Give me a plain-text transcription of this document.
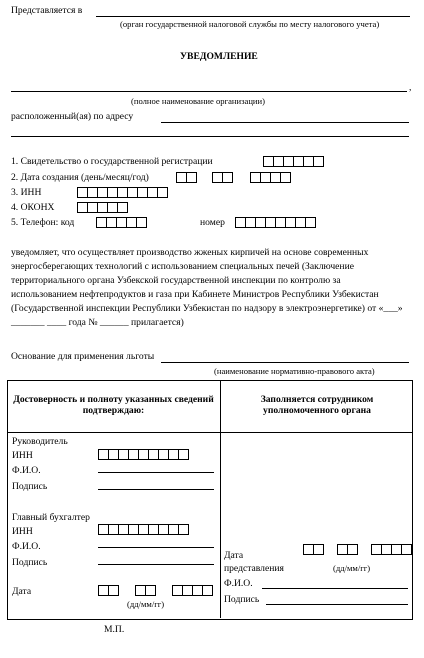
Представляется в
(орган государственной налоговой службы по месту налогового учета)
УВЕДОМЛЕНИЕ
,
(полное наименование организации)
расположенный(ая) по адресу
1. Свидетельство о государственной регистрации
2. Дата создания (день/месяц/год)
3. ИНН
4. ОКОНХ
5. Телефон: код	номер
уведомляет, что осуществляет производство жженых кирпичей на основе современных энергосберегающих технологий с использованием специальных печей (Заключение территориального органа Узбекской государственной инспекции по контролю за использованием нефтепродуктов и газа при Кабинете Министров Республики Узбекистан (Государственной инспекции Республики Узбекистан по надзору в электроэнергетике) от «___» _______ ____ года № ______ прилагается)
Основание для применения льготы
(наименование нормативно-правового акта)
Достоверность и полноту указанных сведений подтверждаю:
Заполняется сотрудником уполномоченного органа
Руководитель
ИНН
Ф.И.О.
Подпись
Главный бухгалтер
ИНН
Ф.И.О.
Подпись
Дата
(дд/мм/гг)
Дата
представления	(дд/мм/гг)
Ф.И.О.
Подпись
М.П.
